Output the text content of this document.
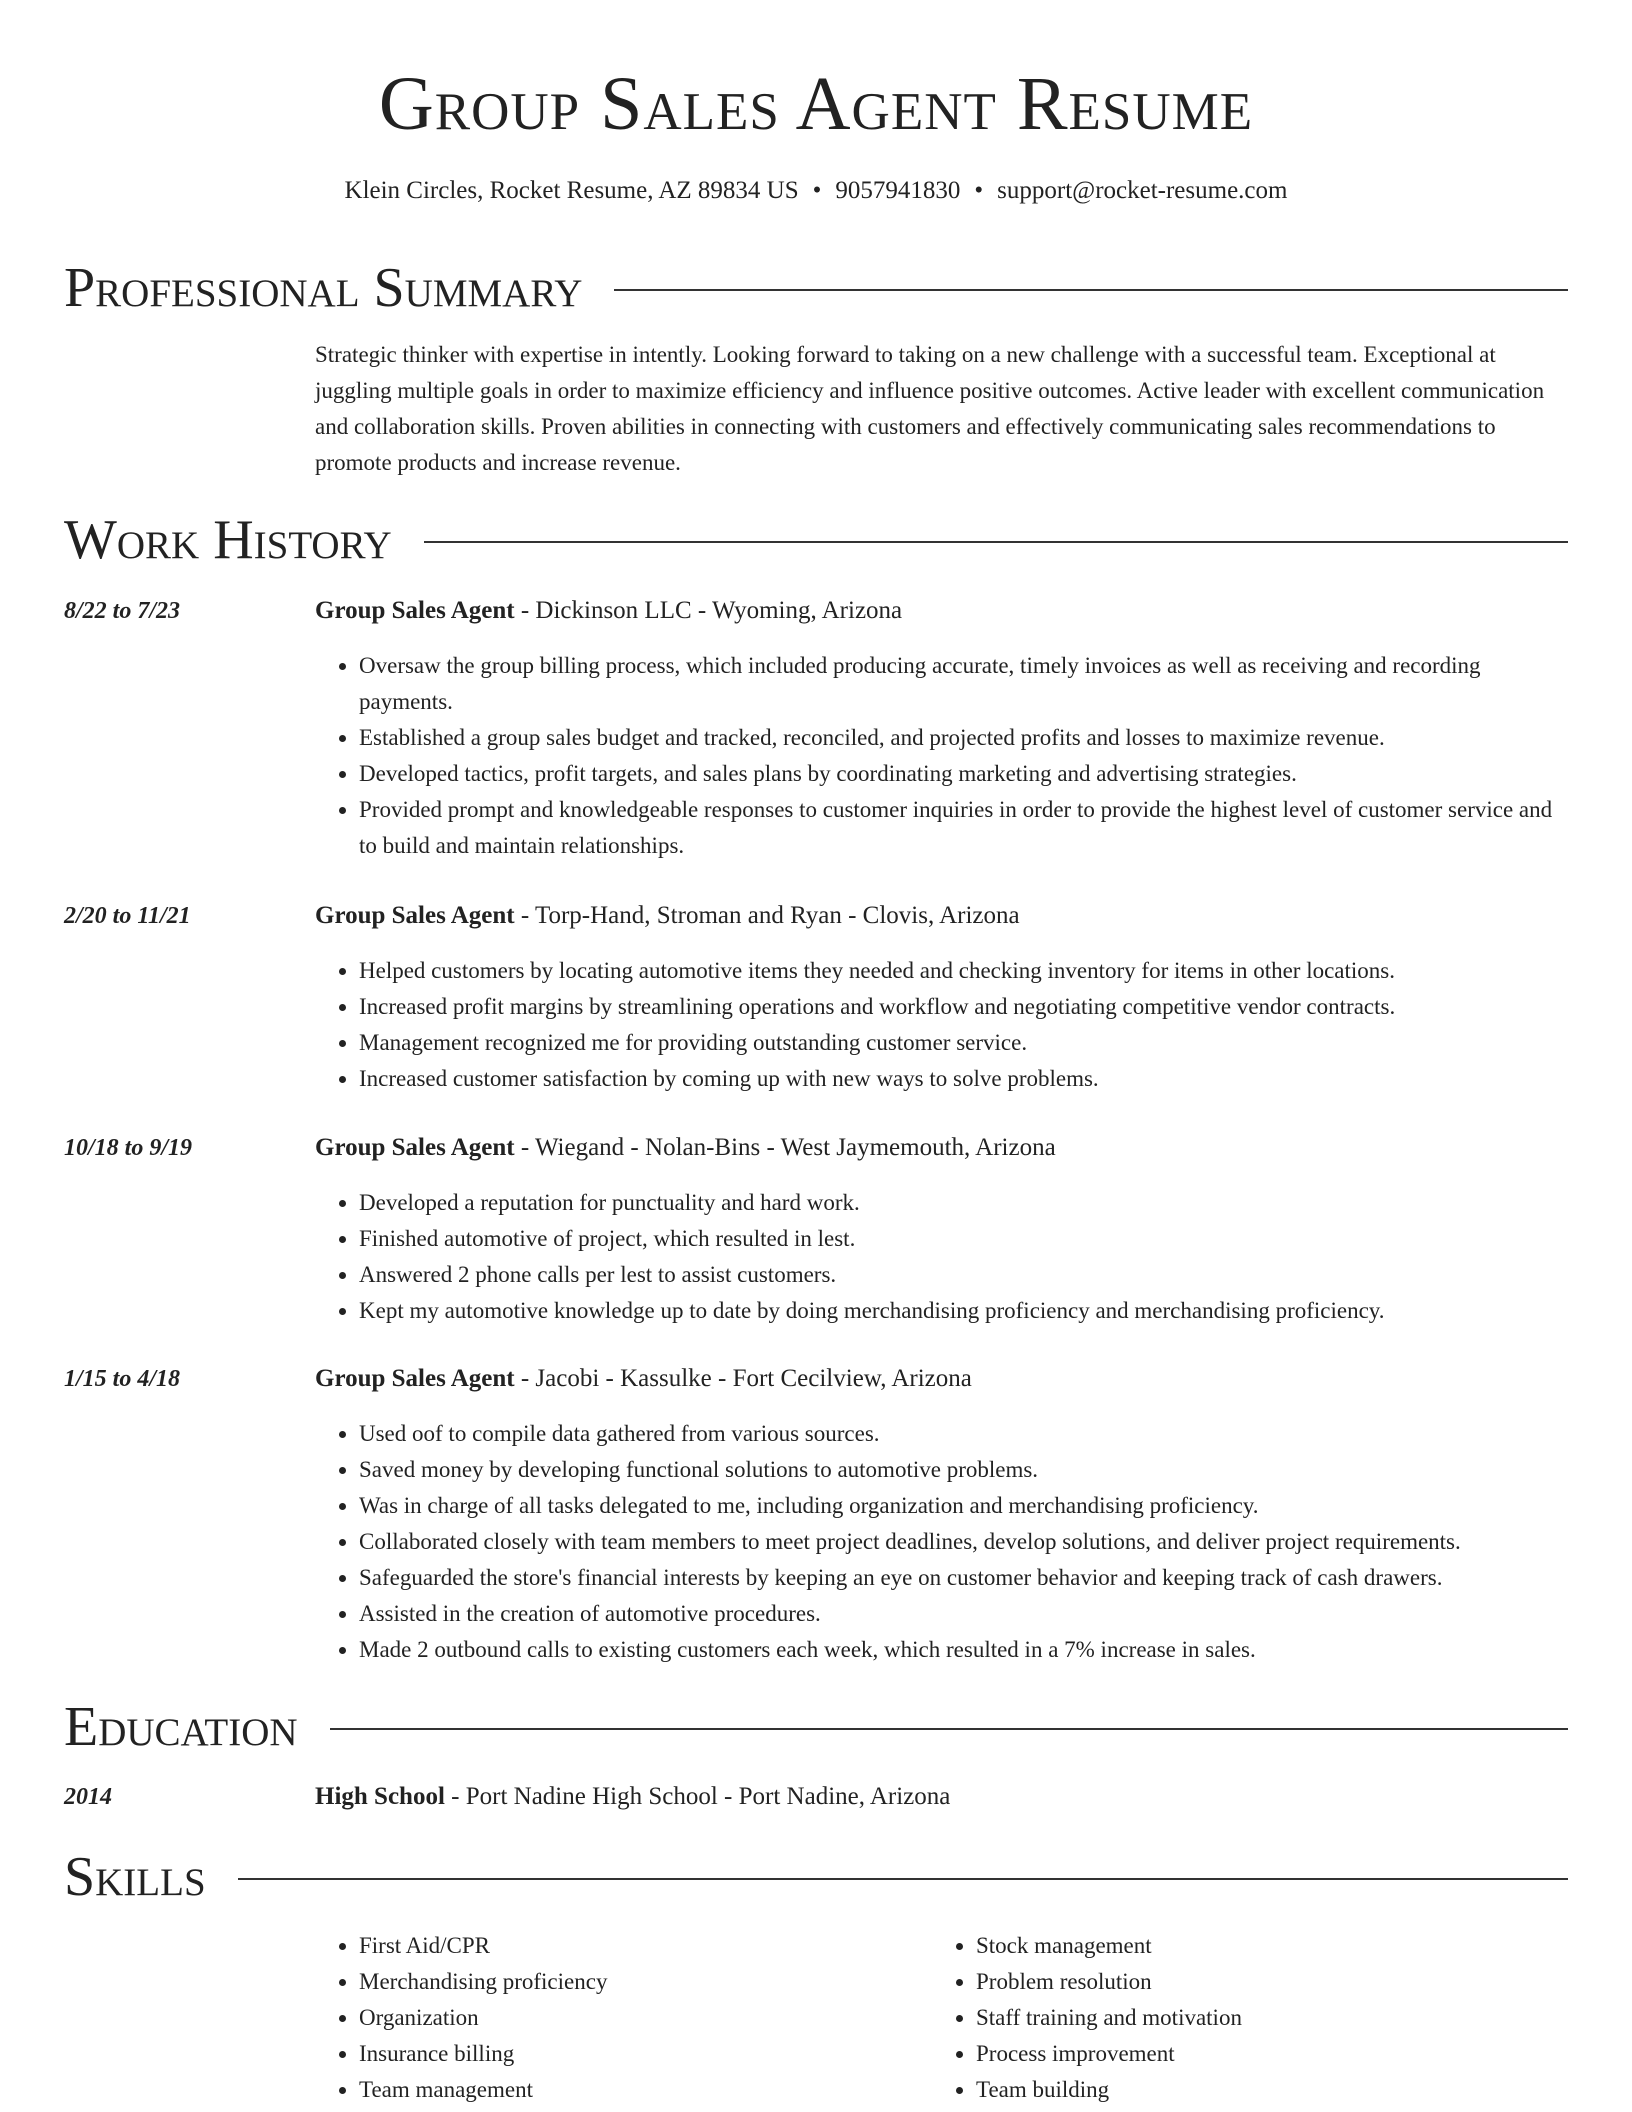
Group Sales Agent Resume
Klein Circles, Rocket Resume, AZ 89834 US • 9057941830 • support@rocket-resume.com
Professional Summary

Strategic thinker with expertise in intently. Looking forward to taking on a new challenge with a successful team. Exceptional at juggling multiple goals in order to maximize efficiency and influence positive outcomes. Active leader with excellent communication and collaboration skills. Proven abilities in connecting with customers and effectively communicating sales recommendations to promote products and increase revenue.

Work History
8/22 to 7/23	Group Sales Agent - Dickinson LLC - Wyoming, Arizona
• Oversaw the group billing process, which included producing accurate, timely invoices as well as receiving and recording payments.
• Established a group sales budget and tracked, reconciled, and projected profits and losses to maximize revenue.
• Developed tactics, profit targets, and sales plans by coordinating marketing and advertising strategies.
• Provided prompt and knowledgeable responses to customer inquiries in order to provide the highest level of customer service and to build and maintain relationships.
2/20 to 11/21	Group Sales Agent - Torp-Hand, Stroman and Ryan - Clovis, Arizona
• Helped customers by locating automotive items they needed and checking inventory for items in other locations.
• Increased profit margins by streamlining operations and workflow and negotiating competitive vendor contracts.
• Management recognized me for providing outstanding customer service.
• Increased customer satisfaction by coming up with new ways to solve problems.
10/18 to 9/19	Group Sales Agent - Wiegand - Nolan-Bins - West Jaymemouth, Arizona
• Developed a reputation for punctuality and hard work.
• Finished automotive of project, which resulted in lest.
• Answered 2 phone calls per lest to assist customers.
• Kept my automotive knowledge up to date by doing merchandising proficiency and merchandising proficiency.
1/15 to 4/18	Group Sales Agent - Jacobi - Kassulke - Fort Cecilview, Arizona
• Used oof to compile data gathered from various sources.
• Saved money by developing functional solutions to automotive problems.
• Was in charge of all tasks delegated to me, including organization and merchandising proficiency.
• Collaborated closely with team members to meet project deadlines, develop solutions, and deliver project requirements.
• Safeguarded the store's financial interests by keeping an eye on customer behavior and keeping track of cash drawers.
• Assisted in the creation of automotive procedures.
• Made 2 outbound calls to existing customers each week, which resulted in a 7% increase in sales.
Education
2014	High School - Port Nadine High School - Port Nadine, Arizona
Skills
• First Aid/CPR
• Merchandising proficiency
• Organization
• Insurance billing
• Team management
• Stock management
• Problem resolution
• Staff training and motivation
• Process improvement
• Team building
